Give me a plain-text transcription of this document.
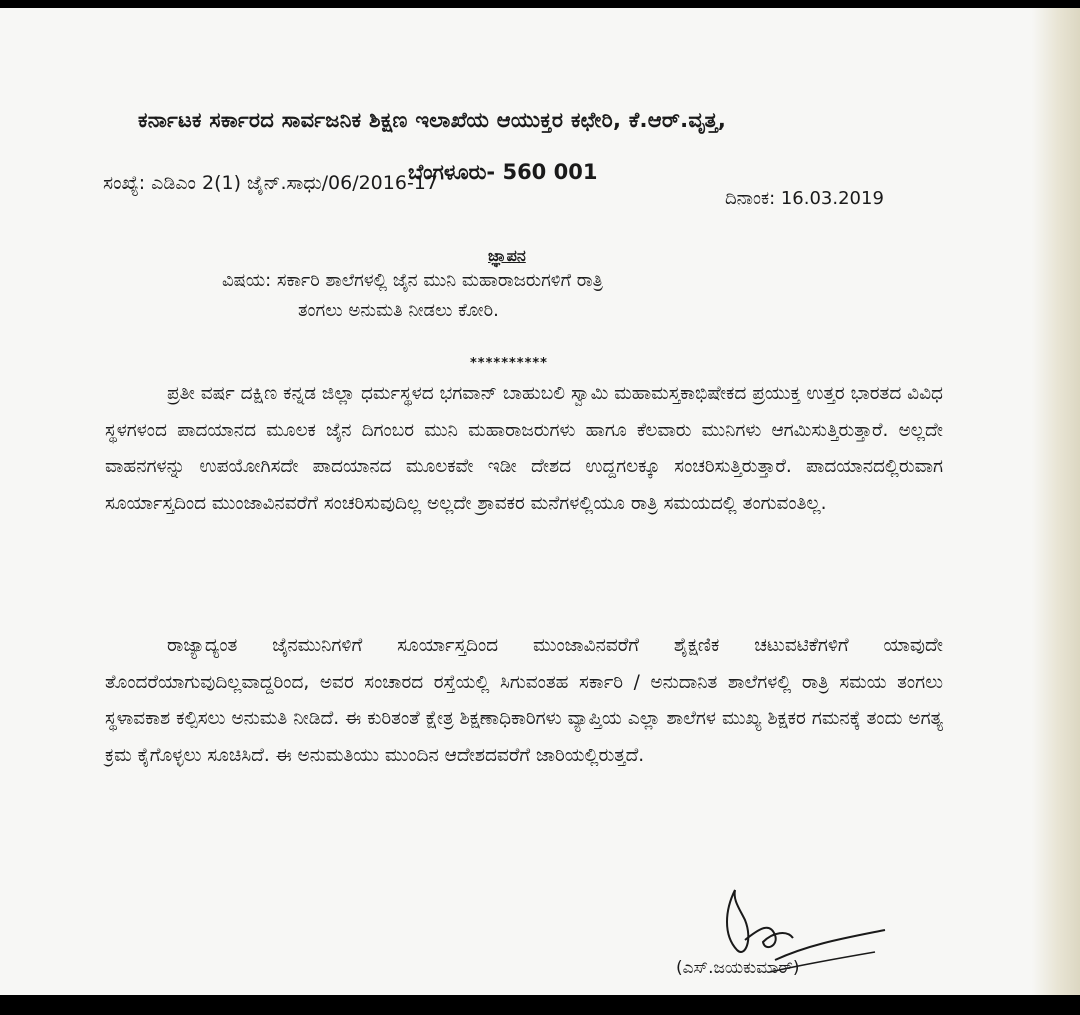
ಕರ್ನಾಟಕ ಸರ್ಕಾರದ ಸಾರ್ವಜನಿಕ ಶಿಕ್ಷಣ ಇಲಾಖೆಯ ಆಯುಕ್ತರ ಕಛೇರಿ, ಕೆ.ಆರ್.ವೃತ್ತ,
ಬೆಂಗಳೂರು- 560 001
ಸಂಖ್ಯೆ: ಎಡಿಎಂ 2(1) ಜೈನ್.ಸಾಧು/06/2016-17
ದಿನಾಂಕ: 16.03.2019
ಜ್ಞಾಪನ
ವಿಷಯ: ಸರ್ಕಾರಿ ಶಾಲೆಗಳಲ್ಲಿ ಜೈನ ಮುನಿ ಮಹಾರಾಜರುಗಳಿಗೆ ರಾತ್ರಿ
ತಂಗಲು ಅನುಮತಿ ನೀಡಲು ಕೋರಿ.
**********
ಪ್ರತೀ ವರ್ಷ ದಕ್ಷಿಣ ಕನ್ನಡ ಜಿಲ್ಲಾ ಧರ್ಮಸ್ಥಳದ ಭಗವಾನ್ ಬಾಹುಬಲಿ ಸ್ವಾಮಿ ಮಹಾಮಸ್ತಕಾಭಿಷೇಕದ ಪ್ರಯುಕ್ತ ಉತ್ತರ ಭಾರತದ ವಿವಿಧ ಸ್ಥಳಗಳಂದ ಪಾದಯಾನದ ಮೂಲಕ ಜೈನ ದಿಗಂಬರ ಮುನಿ ಮಹಾರಾಜರುಗಳು ಹಾಗೂ ಕೆಲವಾರು ಮುನಿಗಳು ಆಗಮಿಸುತ್ತಿರುತ್ತಾರೆ. ಅಲ್ಲದೇ ವಾಹನಗಳನ್ನು ಉಪಯೋಗಿಸದೇ ಪಾದಯಾನದ ಮೂಲಕವೇ ಇಡೀ ದೇಶದ ಉದ್ದಗಲಕ್ಕೂ ಸಂಚರಿಸುತ್ತಿರುತ್ತಾರೆ. ಪಾದಯಾನದಲ್ಲಿರುವಾಗ ಸೂರ್ಯಾಸ್ತದಿಂದ ಮುಂಜಾವಿನವರೆಗೆ ಸಂಚರಿಸುವುದಿಲ್ಲ ಅಲ್ಲದೇ ಶ್ರಾವಕರ ಮನೆಗಳಲ್ಲಿಯೂ ರಾತ್ರಿ ಸಮಯದಲ್ಲಿ ತಂಗುವಂತಿಲ್ಲ.
ರಾಜ್ಯಾದ್ಯಂತ ಜೈನಮುನಿಗಳಿಗೆ ಸೂರ್ಯಾಸ್ತದಿಂದ ಮುಂಜಾವಿನವರೆಗೆ ಶೈಕ್ಷಣಿಕ ಚಟುವಟಿಕೆಗಳಿಗೆ ಯಾವುದೇ ತೊಂದರೆಯಾಗುವುದಿಲ್ಲವಾದ್ದರಿಂದ, ಅವರ ಸಂಚಾರದ ರಸ್ತೆಯಲ್ಲಿ ಸಿಗುವಂತಹ ಸರ್ಕಾರಿ / ಅನುದಾನಿತ ಶಾಲೆಗಳಲ್ಲಿ ರಾತ್ರಿ ಸಮಯ ತಂಗಲು ಸ್ಥಳಾವಕಾಶ ಕಲ್ಪಿಸಲು ಅನುಮತಿ ನೀಡಿದೆ. ಈ ಕುರಿತಂತೆ ಕ್ಷೇತ್ರ ಶಿಕ್ಷಣಾಧಿಕಾರಿಗಳು ವ್ಯಾಪ್ತಿಯ ಎಲ್ಲಾ ಶಾಲೆಗಳ ಮುಖ್ಯ ಶಿಕ್ಷಕರ ಗಮನಕ್ಕೆ ತಂದು ಅಗತ್ಯ ಕ್ರಮ ಕೈಗೊಳ್ಳಲು ಸೂಚಿಸಿದೆ. ಈ ಅನುಮತಿಯು ಮುಂದಿನ ಆದೇಶದವರೆಗೆ ಜಾರಿಯಲ್ಲಿರುತ್ತದೆ.
(ಎಸ್.ಜಯಕುಮಾರ್)
